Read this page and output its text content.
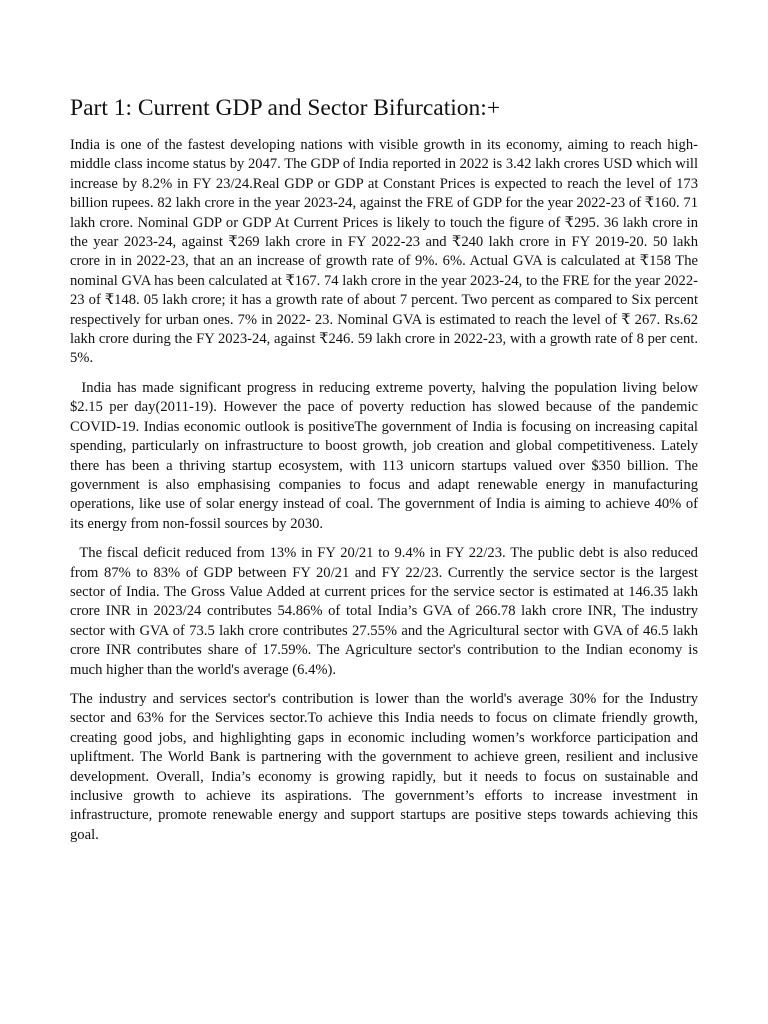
Part 1: Current GDP and Sector Bifurcation:+

India is one of the fastest developing nations with visible growth in its economy, aiming to reach high-middle class income status by 2047. The GDP of India reported in 2022 is 3.42 lakh crores USD which will increase by 8.2% in FY 23/24.Real GDP or GDP at Constant Prices is expected to reach the level of 173 billion rupees. 82 lakh crore in the year 2023-24, against the FRE of GDP for the year 2022-23 of ₹160. 71 lakh crore. Nominal GDP or GDP At Current Prices is likely to touch the figure of ₹295. 36 lakh crore in the year 2023-24, against ₹269 lakh crore in FY 2022-23 and ₹240 lakh crore in FY 2019-20. 50 lakh crore in in 2022-23, that an an increase of growth rate of 9%. 6%. Actual GVA is calculated at ₹158 The nominal GVA has been calculated at ₹167. 74 lakh crore in the year 2023-24, to the FRE for the year 2022-23 of ₹148. 05 lakh crore; it has a growth rate of about 7 percent. Two percent as compared to Six percent respectively for urban ones. 7% in 2022- 23. Nominal GVA is estimated to reach the level of ₹ 267. Rs.62 lakh crore during the FY 2023-24, against ₹246. 59 lakh crore in 2022-23, with a growth rate of 8 per cent. 5%.

India has made significant progress in reducing extreme poverty, halving the population living below $2.15 per day(2011-19). However the pace of poverty reduction has slowed because of the pandemic COVID-19. Indias economic outlook is positiveThe government of India is focusing on increasing capital spending, particularly on infrastructure to boost growth, job creation and global competitiveness. Lately there has been a thriving startup ecosystem, with 113 unicorn startups valued over $350 billion. The government is also emphasising companies to focus and adapt renewable energy in manufacturing operations, like use of solar energy instead of coal. The government of India is aiming to achieve 40% of its energy from non-fossil sources by 2030.

The fiscal deficit reduced from 13% in FY 20/21 to 9.4% in FY 22/23. The public debt is also reduced from 87% to 83% of GDP between FY 20/21 and FY 22/23. Currently the service sector is the largest sector of India. The Gross Value Added at current prices for the service sector is estimated at 146.35 lakh crore INR in 2023/24 contributes 54.86% of total India’s GVA of 266.78 lakh crore INR, The industry sector with GVA of 73.5 lakh crore contributes 27.55% and the Agricultural sector with GVA of 46.5 lakh crore INR contributes share of 17.59%. The Agriculture sector's contribution to the Indian economy is much higher than the world's average (6.4%).

The industry and services sector's contribution is lower than the world's average 30% for the Industry sector and 63% for the Services sector.To achieve this India needs to focus on climate friendly growth, creating good jobs, and highlighting gaps in economic including women’s workforce participation and upliftment. The World Bank is partnering with the government to achieve green, resilient and inclusive development. Overall, India’s economy is growing rapidly, but it needs to focus on sustainable and inclusive growth to achieve its aspirations. The government’s efforts to increase investment in infrastructure, promote renewable energy and support startups are positive steps towards achieving this goal.
